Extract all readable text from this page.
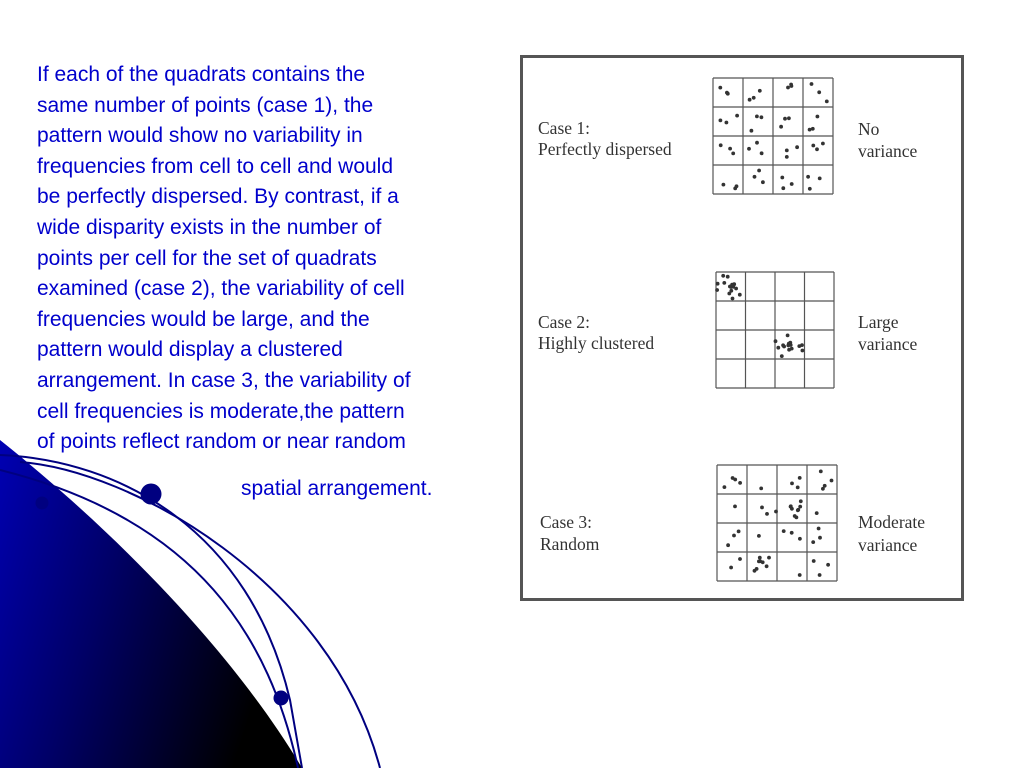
If each of the quadrats contains the
same number of points (case 1), the
pattern would show no variability in
frequencies from cell to cell and would
be perfectly dispersed. By contrast, if a
wide disparity exists in the number of
points per cell for the set of quadrats
examined (case 2), the variability of cell
frequencies would be large, and the
pattern would display a clustered
arrangement. In case 3, the variability of
cell frequencies is moderate,the pattern
of points reflect random or near random

spatial arrangement.
Case 1:
Perfectly dispersed
No
variance
Case 2:
Highly clustered
Large
variance
Case 3:
Random
Moderate
variance
